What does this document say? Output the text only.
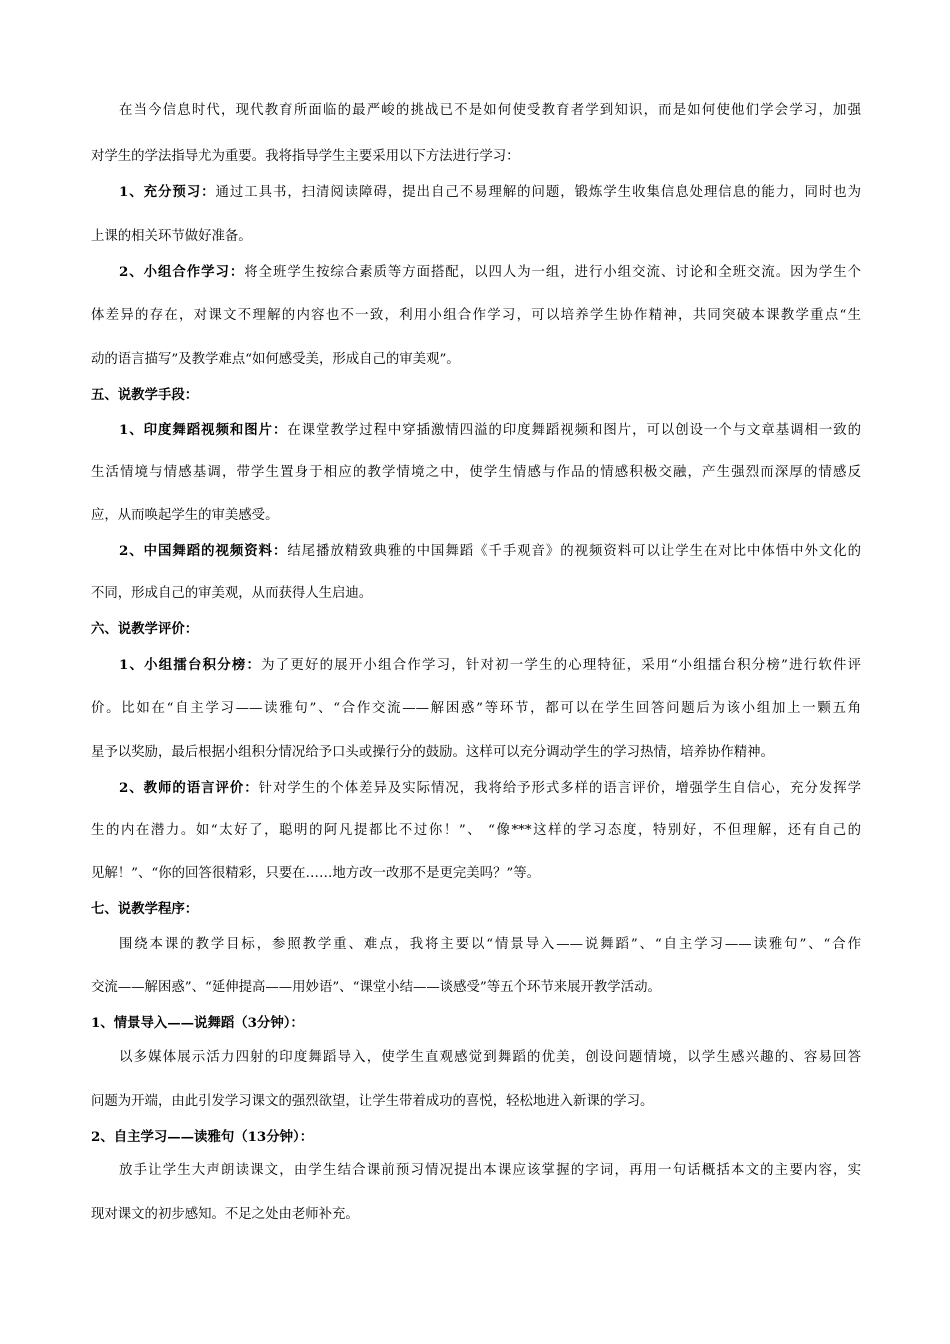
在当今信息时代，现代教育所面临的最严峻的挑战已不是如何使受教育者学到知识，而是如何使他们学会学习，加强
对学生的学法指导尤为重要。我将指导学生主要采用以下方法进行学习：
1、充分预习：通过工具书，扫清阅读障碍，提出自己不易理解的问题，锻炼学生收集信息处理信息的能力，同时也为
上课的相关环节做好准备。
2、小组合作学习：将全班学生按综合素质等方面搭配，以四人为一组，进行小组交流、讨论和全班交流。因为学生个
体差异的存在，对课文不理解的内容也不一致，利用小组合作学习，可以培养学生协作精神，共同突破本课教学重点“生
动的语言描写”及教学难点“如何感受美，形成自己的审美观”。
五、说教学手段：
1、印度舞蹈视频和图片：在课堂教学过程中穿插激情四溢的印度舞蹈视频和图片，可以创设一个与文章基调相一致的
生活情境与情感基调，带学生置身于相应的教学情境之中，使学生情感与作品的情感积极交融，产生强烈而深厚的情感反
应，从而唤起学生的审美感受。
2、中国舞蹈的视频资料：结尾播放精致典雅的中国舞蹈《千手观音》的视频资料可以让学生在对比中体悟中外文化的
不同，形成自己的审美观，从而获得人生启迪。
六、说教学评价：
1、小组擂台积分榜：为了更好的展开小组合作学习，针对初一学生的心理特征，采用“小组擂台积分榜”进行软件评
价。比如在“自主学习——读雅句”、“合作交流——解困惑”等环节，都可以在学生回答问题后为该小组加上一颗五角
星予以奖励，最后根据小组积分情况给予口头或操行分的鼓励。这样可以充分调动学生的学习热情，培养协作精神。
2、教师的语言评价：针对学生的个体差异及实际情况，我将给予形式多样的语言评价，增强学生自信心，充分发挥学
生的内在潜力。如“太好了，聪明的阿凡提都比不过你！”、 “像***这样的学习态度，特别好，不但理解，还有自己的
见解！”、“你的回答很精彩，只要在……地方改一改那不是更完美吗？”等。
七、说教学程序：
围绕本课的教学目标，参照教学重、难点，我将主要以“情景导入——说舞蹈”、“自主学习——读雅句”、“合作
交流——解困惑”、“延伸提高——用妙语”、“课堂小结——谈感受”等五个环节来展开教学活动。
1、情景导入——说舞蹈（3分钟）：
以多媒体展示活力四射的印度舞蹈导入，使学生直观感觉到舞蹈的优美，创设问题情境，以学生感兴趣的、容易回答
问题为开端，由此引发学习课文的强烈欲望，让学生带着成功的喜悦，轻松地进入新课的学习。
2、自主学习——读雅句（13分钟）：
放手让学生大声朗读课文，由学生结合课前预习情况提出本课应该掌握的字词，再用一句话概括本文的主要内容，实
现对课文的初步感知。不足之处由老师补充。
